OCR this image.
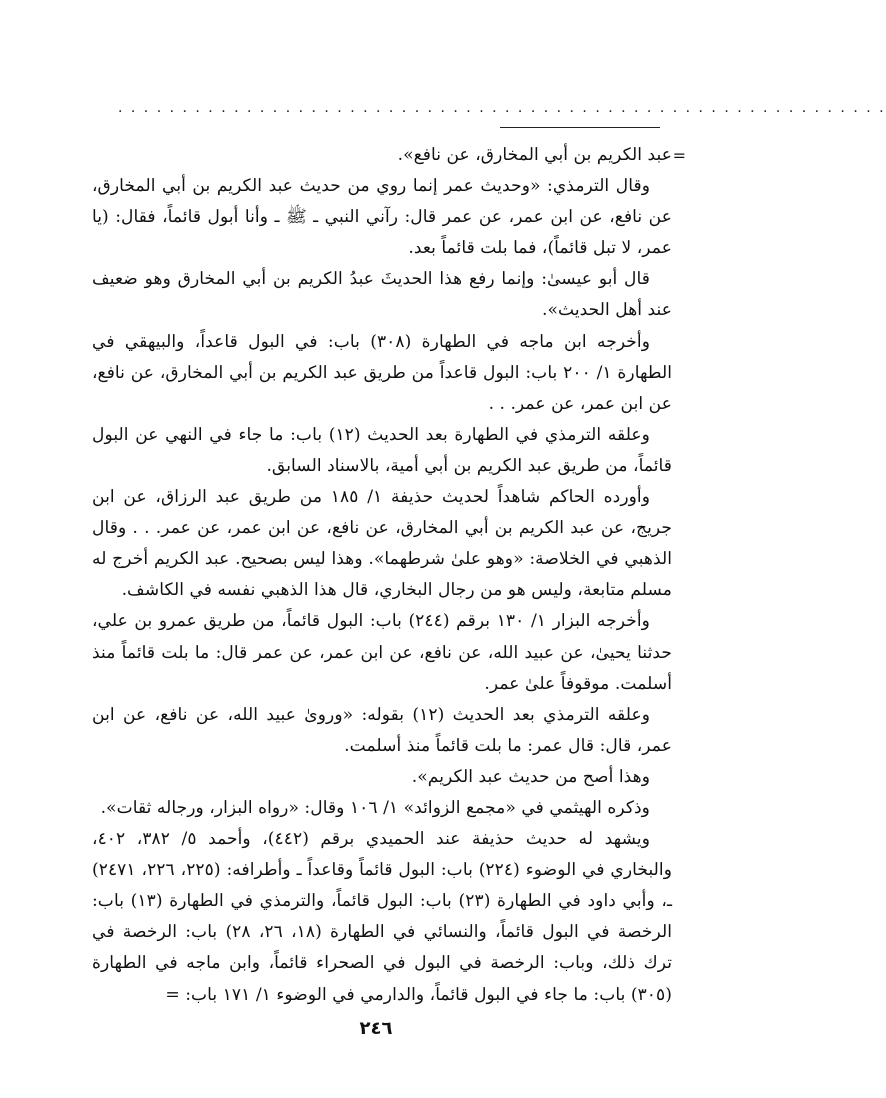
· · · · · · · · · · · · · · · · · · · · · · · · · · · · · · · · · · · · · · · · · · · · · · · · · · · · · · · · · · · ·
=

عبد الكريم بن أبي المخارق، عن نافع».

وقال الترمذي: «وحديث عمر إنما روي من حديث عبد الكريم بن أبي المخارق، عن نافع، عن ابن عمر، عن عمر قال: رآني النبي ـ ﷺ ـ وأنا أبول قائماً، فقال: (يا عمر، لا تبل قائماً)، فما بلت قائماً بعد.

قال أبو عيسىٰ: وإنما رفع هذا الحديثَ عبدُ الكريم بن أبي المخارق وهو ضعيف عند أهل الحديث».

وأخرجه ابن ماجه في الطهارة (٣٠٨) باب: في البول قاعداً، والبيهقي في الطهارة ١/ ٢٠٠ باب: البول قاعداً من طريق عبد الكريم بن أبي المخارق، عن نافع، عن ابن عمر، عن عمر. . .

وعلقه الترمذي في الطهارة بعد الحديث (١٢) باب: ما جاء في النهي عن البول قائماً، من طريق عبد الكريم بن أبي أمية، بالاسناد السابق.

وأورده الحاكم شاهداً لحديث حذيفة ١/ ١٨٥ من طريق عبد الرزاق، عن ابن جريج، عن عبد الكريم بن أبي المخارق، عن نافع، عن ابن عمر، عن عمر. . . وقال الذهبي في الخلاصة: «وهو علىٰ شرطهما». وهذا ليس بصحيح. عبد الكريم أخرج له مسلم متابعة، وليس هو من رجال البخاري، قال هذا الذهبي نفسه في الكاشف.

وأخرجه البزار ١/ ١٣٠ برقم (٢٤٤) باب: البول قائماً، من طريق عمرو بن علي، حدثنا يحيىٰ، عن عبيد الله، عن نافع، عن ابن عمر، عن عمر قال: ما بلت قائماً منذ أسلمت. موقوفاً علىٰ عمر.

وعلقه الترمذي بعد الحديث (١٢) بقوله: «ورویٰ عبيد الله، عن نافع، عن ابن عمر، قال: قال عمر: ما بلت قائماً منذ أسلمت.

وهذا أصح من حديث عبد الكريم».

وذكره الهيثمي في «مجمع الزوائد» ١/ ١٠٦ وقال: «رواه البزار، ورجاله ثقات».

ويشهد له حديث حذيفة عند الحميدي برقم (٤٤٢)، وأحمد ٥/ ٣٨٢، ٤٠٢، والبخاري في الوضوء (٢٢٤) باب: البول قائماً وقاعداً ـ وأطرافه: (٢٢٥، ٢٢٦، ٢٤٧١) ـ، وأبي داود في الطهارة (٢٣) باب: البول قائماً، والترمذي في الطهارة (١٣) باب: الرخصة في البول قائماً، والنسائي في الطهارة (١٨، ٢٦، ٢٨) باب: الرخصة في ترك ذلك، وباب: الرخصة في البول في الصحراء قائماً، وابن ماجه في الطهارة (٣٠٥) باب: ما جاء في البول قائماً، والدارمي في الوضوء ١/ ١٧١ باب: =

٢٤٦
